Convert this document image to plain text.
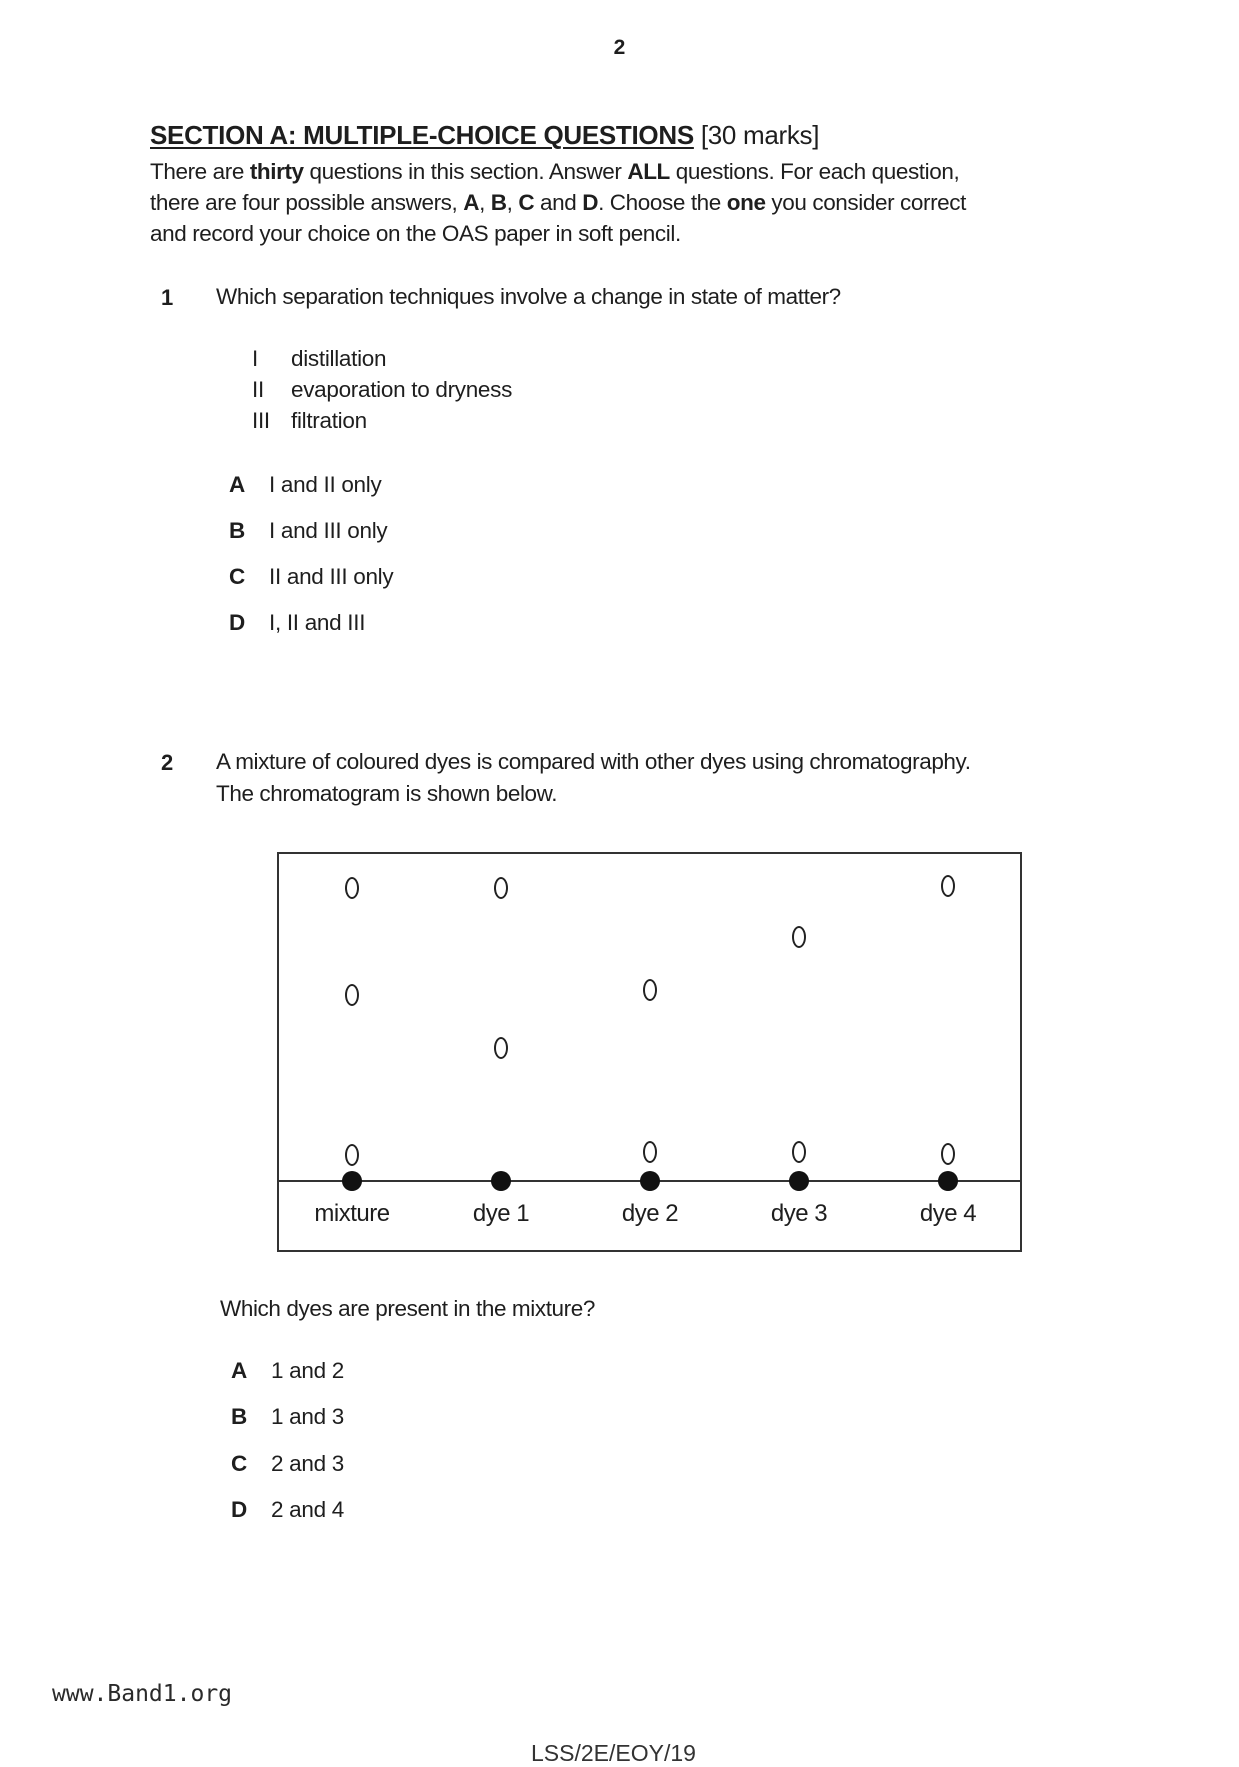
2
SECTION A: MULTIPLE-CHOICE QUESTIONS [30 marks]
There are thirty questions in this section. Answer ALL questions. For each question,
there are four possible answers, A, B, C and D. Choose the one you consider correct
and record your choice on the OAS paper in soft pencil.
1 Which separation techniques involve a change in state of matter?
I distillation
II evaporation to dryness
III filtration
A I and II only
B I and III only
C II and III only
D I, II and III
2 A mixture of coloured dyes is compared with other dyes using chromatography.
The chromatogram is shown below.
mixture	dye 1	dye 2	dye 3	dye 4
Which dyes are present in the mixture?
A 1 and 2
B 1 and 3
C 2 and 3
D 2 and 4
www.Band1.org
LSS/2E/EOY/19
